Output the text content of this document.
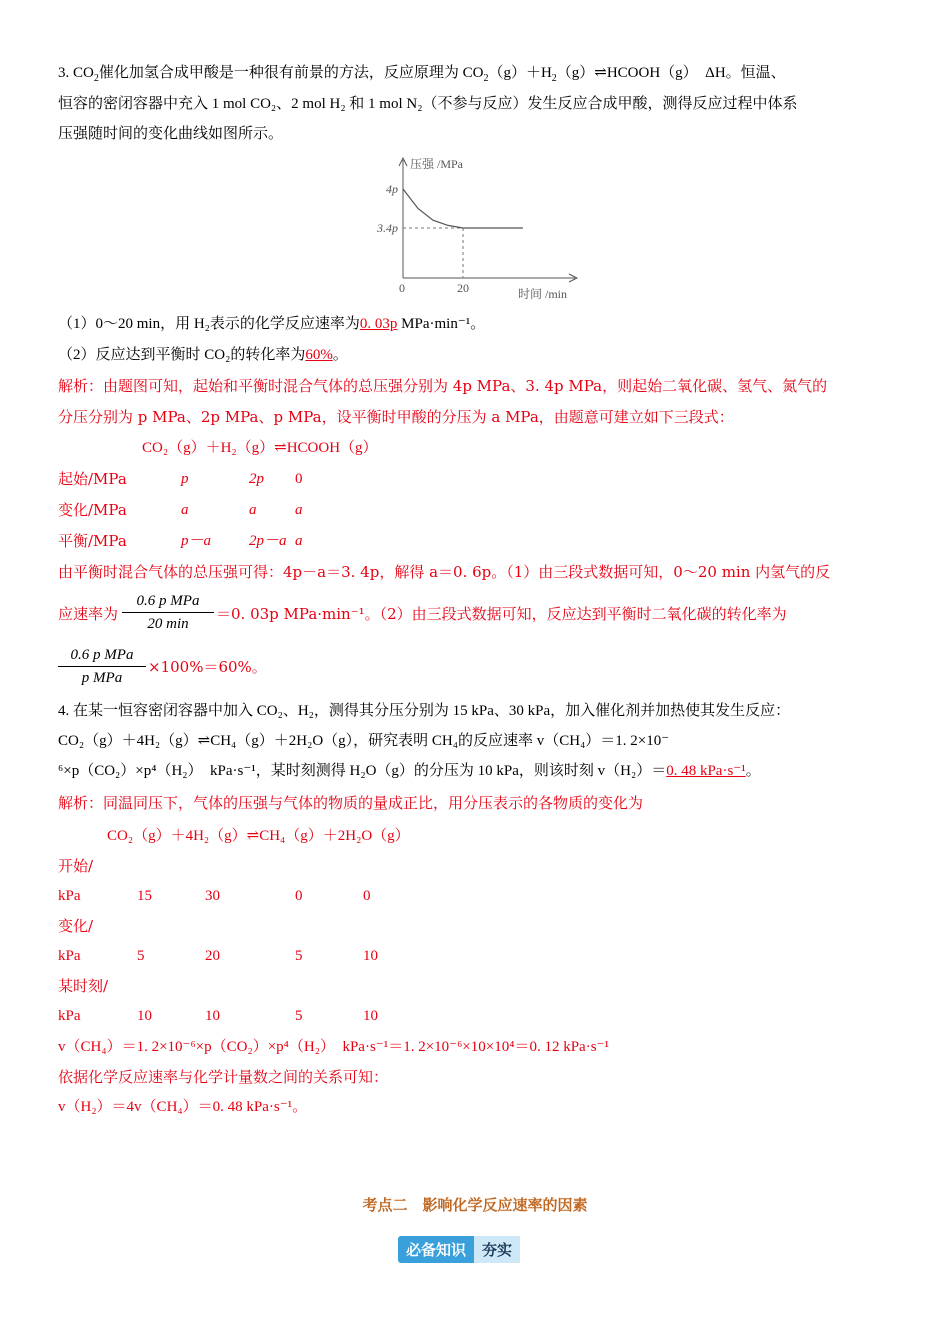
3. $CO_2$催化加氢合成甲酸是一种很有前景的方法，反应原理为 $CO_2(g)+H_2(g)\rightleftharpoons HCOOH(g)$　ΔH。恒温、
恒容的密闭容器中充入 1 mol CO₂、2 mol H₂ 和 1 mol N₂（不参与反应）发生反应合成甲酸，测得反应过程中体系
压强随时间的变化曲线如图所示。
压强 /MPa
时间 /min
4p
3.4p
0	20
（1）0～20 min，用 H₂表示的化学反应速率为0. 03p MPa·min⁻¹。
（2）反应达到平衡时 CO₂的转化率为60%。
解析：由题图可知，起始和平衡时混合气体的总压强分别为 4p MPa、3. 4p MPa，则起始二氧化碳、氢气、氮气的
分压分别为 p MPa、2p MPa、p MPa，设平衡时甲酸的分压为 a MPa，由题意可建立如下三段式：
CO₂（g）＋H₂（g）⇌HCOOH（g）
起始/MPa	p	2p 0
变化/MPa	a	a	a
平衡/MPa	p－a	2p－a a
由平衡时混合气体的总压强可得：4p－a＝3. 4p，解得 a＝0. 6p。（1）由三段式数据可知，0～20 min 内氢气的反
应速率为
0.6 p MPa
20 min
＝0. 03p MPa·min⁻¹。（2）由三段式数据可知，反应达到平衡时二氧化碳的转化率为
0.6 p MPa
p MPa
×100%＝60%。
4. 在某一恒容密闭容器中加入 CO₂、H₂，测得其分压分别为 15 kPa、30 kPa，加入催化剂并加热使其发生反应：
CO₂（g）＋4H₂（g）⇌CH₄（g）＋2H₂O（g），研究表明 CH₄的反应速率 v（CH₄）＝1. 2×10⁻
⁶×p（CO₂）×p⁴（H₂）　kPa·s⁻¹，某时刻测得 H₂O（g）的分压为 10 kPa，则该时刻 v（H₂）＝0. 48 kPa·s⁻¹。
解析：同温同压下，气体的压强与气体的物质的量成正比，用分压表示的各物质的变化为
CO₂（g）＋4H₂（g）⇌CH₄（g）＋2H₂O（g）
开始/
kPa	15	30	0	0
变化/
kPa	5	20	5	10
某时刻/
kPa	10	10	5	10
v（CH₄）＝1. 2×10⁻⁶×p（CO₂）×p⁴（H₂）　kPa·s⁻¹＝1. 2×10⁻⁶×10×10⁴＝0. 12 kPa·s⁻¹
依据化学反应速率与化学计量数之间的关系可知：
v（H₂）＝4v（CH₄）＝0. 48 kPa·s⁻¹。
考点二　影响化学反应速率的因素
必备知识	夯实
